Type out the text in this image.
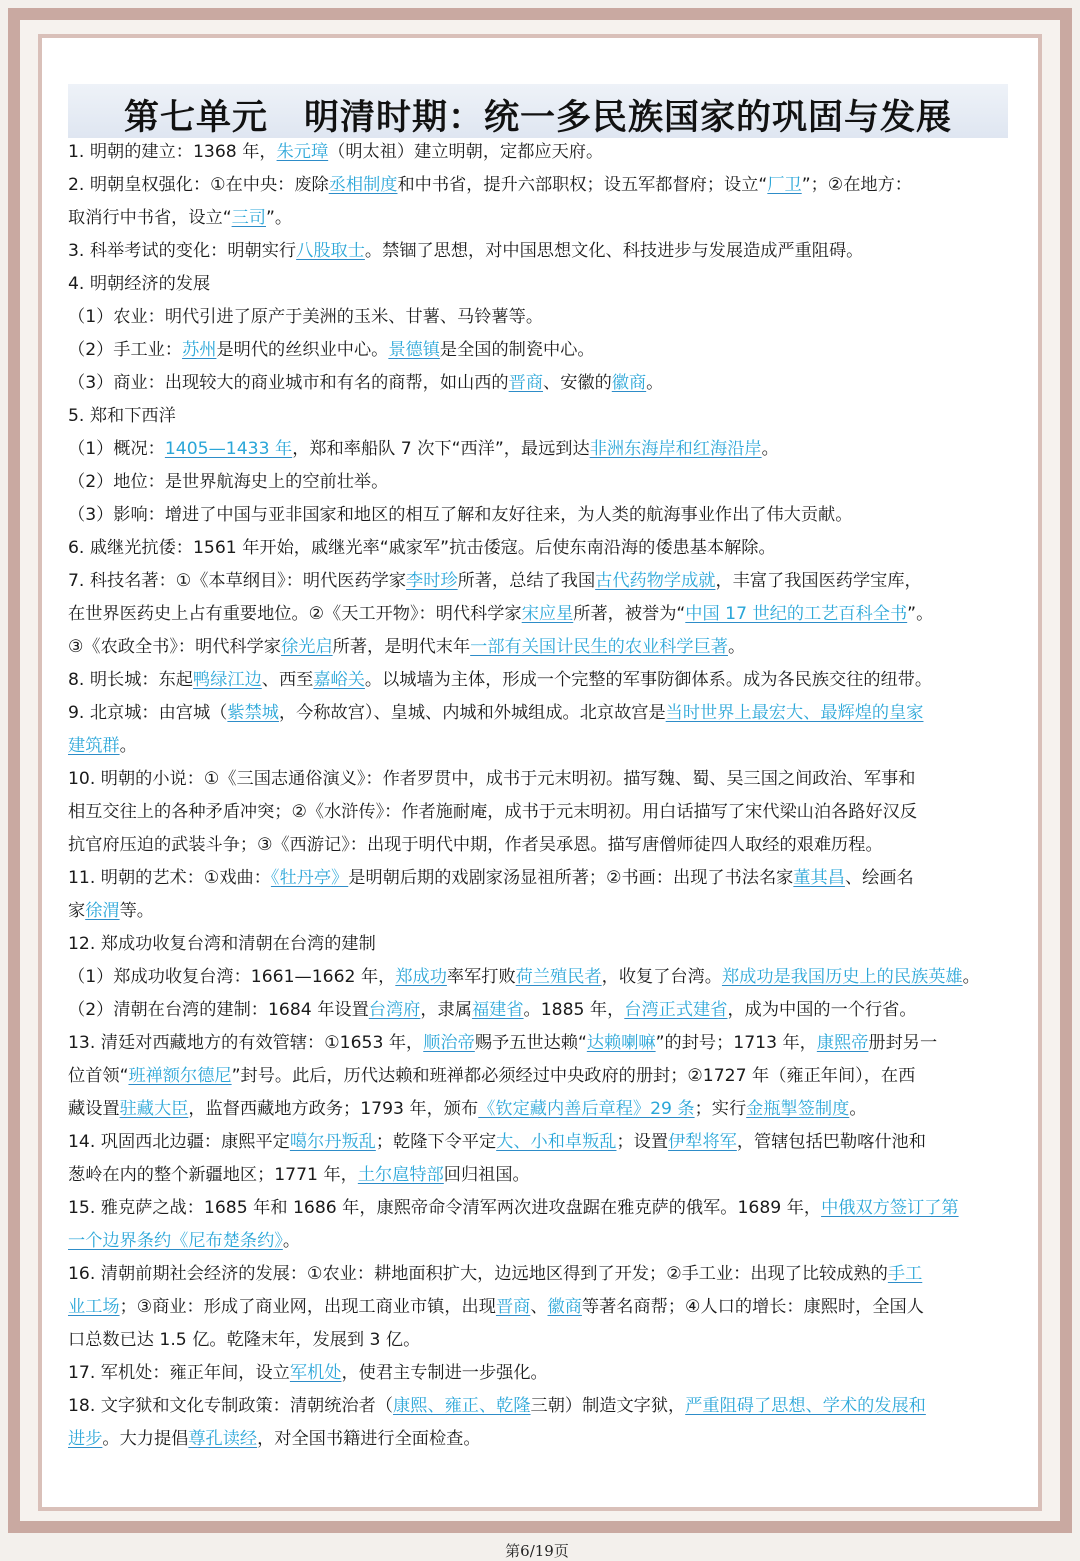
第七单元　明清时期：统一多民族国家的巩固与发展
1. 明朝的建立：1368 年，朱元璋（明太祖）建立明朝，定都应天府。
2. 明朝皇权强化：①在中央：废除丞相制度和中书省，提升六部职权；设五军都督府；设立“厂卫”；②在地方：
取消行中书省，设立“三司”。
3. 科举考试的变化：明朝实行八股取士。禁锢了思想，对中国思想文化、科技进步与发展造成严重阻碍。
4. 明朝经济的发展
（1）农业：明代引进了原产于美洲的玉米、甘薯、马铃薯等。
（2）手工业：苏州是明代的丝织业中心。景德镇是全国的制瓷中心。
（3）商业：出现较大的商业城市和有名的商帮，如山西的晋商、安徽的徽商。
5. 郑和下西洋
（1）概况：1405—1433 年，郑和率船队 7 次下“西洋”，最远到达非洲东海岸和红海沿岸。
（2）地位：是世界航海史上的空前壮举。
（3）影响：增进了中国与亚非国家和地区的相互了解和友好往来，为人类的航海事业作出了伟大贡献。
6. 戚继光抗倭：1561 年开始，戚继光率“戚家军”抗击倭寇。后使东南沿海的倭患基本解除。
7. 科技名著：①《本草纲目》：明代医药学家李时珍所著，总结了我国古代药物学成就，丰富了我国医药学宝库，
在世界医药史上占有重要地位。②《天工开物》：明代科学家宋应星所著，被誉为“中国 17 世纪的工艺百科全书”。
③《农政全书》：明代科学家徐光启所著，是明代末年一部有关国计民生的农业科学巨著。
8. 明长城：东起鸭绿江边、西至嘉峪关。以城墙为主体，形成一个完整的军事防御体系。成为各民族交往的纽带。
9. 北京城：由宫城（紫禁城，今称故宫）、皇城、内城和外城组成。北京故宫是当时世界上最宏大、最辉煌的皇家
建筑群。
10. 明朝的小说：①《三国志通俗演义》：作者罗贯中，成书于元末明初。描写魏、蜀、吴三国之间政治、军事和
相互交往上的各种矛盾冲突；②《水浒传》：作者施耐庵，成书于元末明初。用白话描写了宋代梁山泊各路好汉反
抗官府压迫的武装斗争；③《西游记》：出现于明代中期，作者吴承恩。描写唐僧师徒四人取经的艰难历程。
11. 明朝的艺术：①戏曲：《牡丹亭》是明朝后期的戏剧家汤显祖所著；②书画：出现了书法名家董其昌、绘画名
家徐渭等。
12. 郑成功收复台湾和清朝在台湾的建制
（1）郑成功收复台湾：1661—1662 年，郑成功率军打败荷兰殖民者，收复了台湾。郑成功是我国历史上的民族英雄。
（2）清朝在台湾的建制：1684 年设置台湾府，隶属福建省。1885 年，台湾正式建省，成为中国的一个行省。
13. 清廷对西藏地方的有效管辖：①1653 年，顺治帝赐予五世达赖“达赖喇嘛”的封号；1713 年，康熙帝册封另一
位首领“班禅额尔德尼”封号。此后，历代达赖和班禅都必须经过中央政府的册封；②1727 年（雍正年间），在西
藏设置驻藏大臣，监督西藏地方政务；1793 年，颁布《钦定藏内善后章程》29 条；实行金瓶掣签制度。
14. 巩固西北边疆：康熙平定噶尔丹叛乱；乾隆下令平定大、小和卓叛乱；设置伊犁将军，管辖包括巴勒喀什池和
葱岭在内的整个新疆地区；1771 年，土尔扈特部回归祖国。
15. 雅克萨之战：1685 年和 1686 年，康熙帝命令清军两次进攻盘踞在雅克萨的俄军。1689 年，中俄双方签订了第
一个边界条约《尼布楚条约》。
16. 清朝前期社会经济的发展：①农业：耕地面积扩大，边远地区得到了开发；②手工业：出现了比较成熟的手工
业工场；③商业：形成了商业网，出现工商业市镇，出现晋商、徽商等著名商帮；④人口的增长：康熙时，全国人
口总数已达 1.5 亿。乾隆末年，发展到 3 亿。
17. 军机处：雍正年间，设立军机处，使君主专制进一步强化。
18. 文字狱和文化专制政策：清朝统治者（康熙、雍正、乾隆三朝）制造文字狱，严重阻碍了思想、学术的发展和
进步。大力提倡尊孔读经，对全国书籍进行全面检查。
第6/19页
